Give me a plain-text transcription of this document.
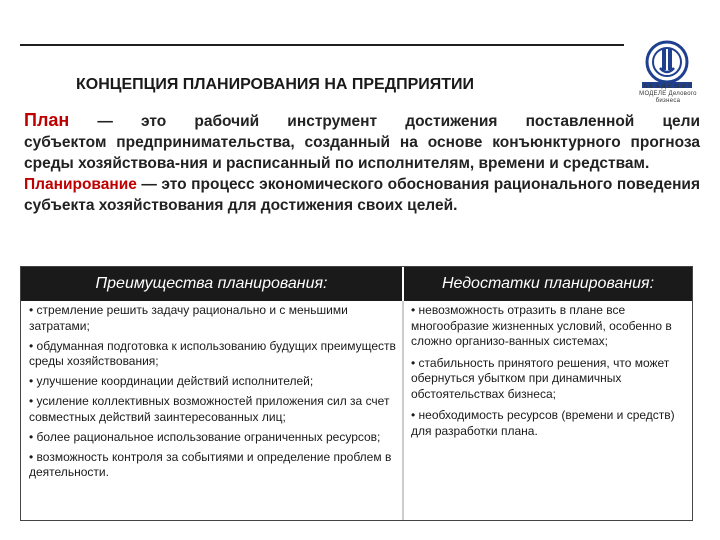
А К А Д Е М И Я МОДЕЛЕ Делового бизнеса
КОНЦЕПЦИЯ ПЛАНИРОВАНИЯ НА ПРЕДПРИЯТИИ

План — это рабочий инструмент достижения поставленной цели

субъектом предпринимательства, созданный на основе конъюнктурного прогноза среды хозяйствова-ния и расписанный по исполнителям, времени и средствам.

Планирование — это процесс экономического обоснования рационального поведения субъекта хозяйствования для достижения своих целей.

Преимущества планирования:	Недостатки планирования:

• стремление решить задачу рационально и с меньшими затратами;

• обдуманная подготовка к использованию будущих преимуществ среды хозяйствования;

• улучшение координации действий исполнителей;

• усиление коллективных возможностей приложения сил за счет совместных действий заинтересованных лиц;

• более рациональное использование ограниченных ресурсов;

• возможность контроля за событиями и определение проблем в деятельности.

• невозможность отразить в плане все многообразие жизненных условий, особенно в сложно организо-ванных системах;

• стабильность принятого решения, что может обернуться убытком при динамичных обстоятельствах бизнеса;

• необходимость ресурсов (времени и средств) для разработки плана.
